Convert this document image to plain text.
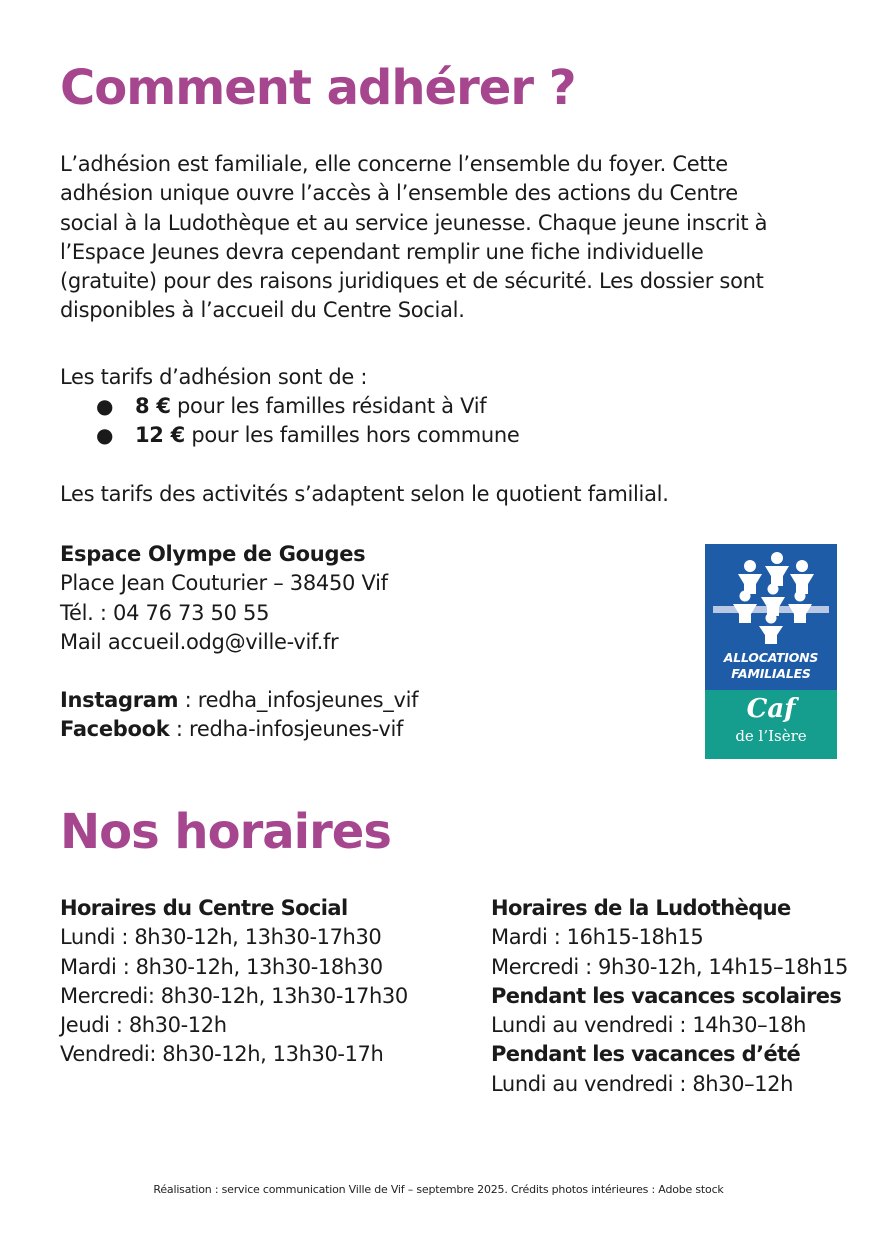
Comment adhérer ?
L’adhésion est familiale, elle concerne l’ensemble du foyer. Cette
adhésion unique ouvre l’accès à l’ensemble des actions du Centre
social à la Ludothèque et au service jeunesse. Chaque jeune inscrit à
l’Espace Jeunes devra cependant remplir une fiche individuelle
(gratuite) pour des raisons juridiques et de sécurité. Les dossier sont
disponibles à l’accueil du Centre Social.
Les tarifs d’adhésion sont de :
● 8 € pour les familles résidant à Vif
● 12 € pour les familles hors commune
Les tarifs des activités s’adaptent selon le quotient familial.
Espace Olympe de Gouges
Place Jean Couturier – 38450 Vif
Tél. : 04 76 73 50 55
Mail accueil.odg@ville-vif.fr
Instagram : redha_infosjeunes_vif
Facebook : redha-infosjeunes-vif
ALLOCATIONS
FAMILIALES
Caf
de l’Isère
Nos horaires
Horaires du Centre Social
Lundi : 8h30-12h, 13h30-17h30
Mardi : 8h30-12h, 13h30-18h30
Mercredi: 8h30-12h, 13h30-17h30
Jeudi : 8h30-12h
Vendredi: 8h30-12h, 13h30-17h
Horaires de la Ludothèque
Mardi : 16h15-18h15
Mercredi : 9h30-12h, 14h15–18h15
Pendant les vacances scolaires
Lundi au vendredi : 14h30–18h
Pendant les vacances d’été
Lundi au vendredi : 8h30–12h
Réalisation : service communication Ville de Vif – septembre 2025. Crédits photos intérieures : Adobe stock
